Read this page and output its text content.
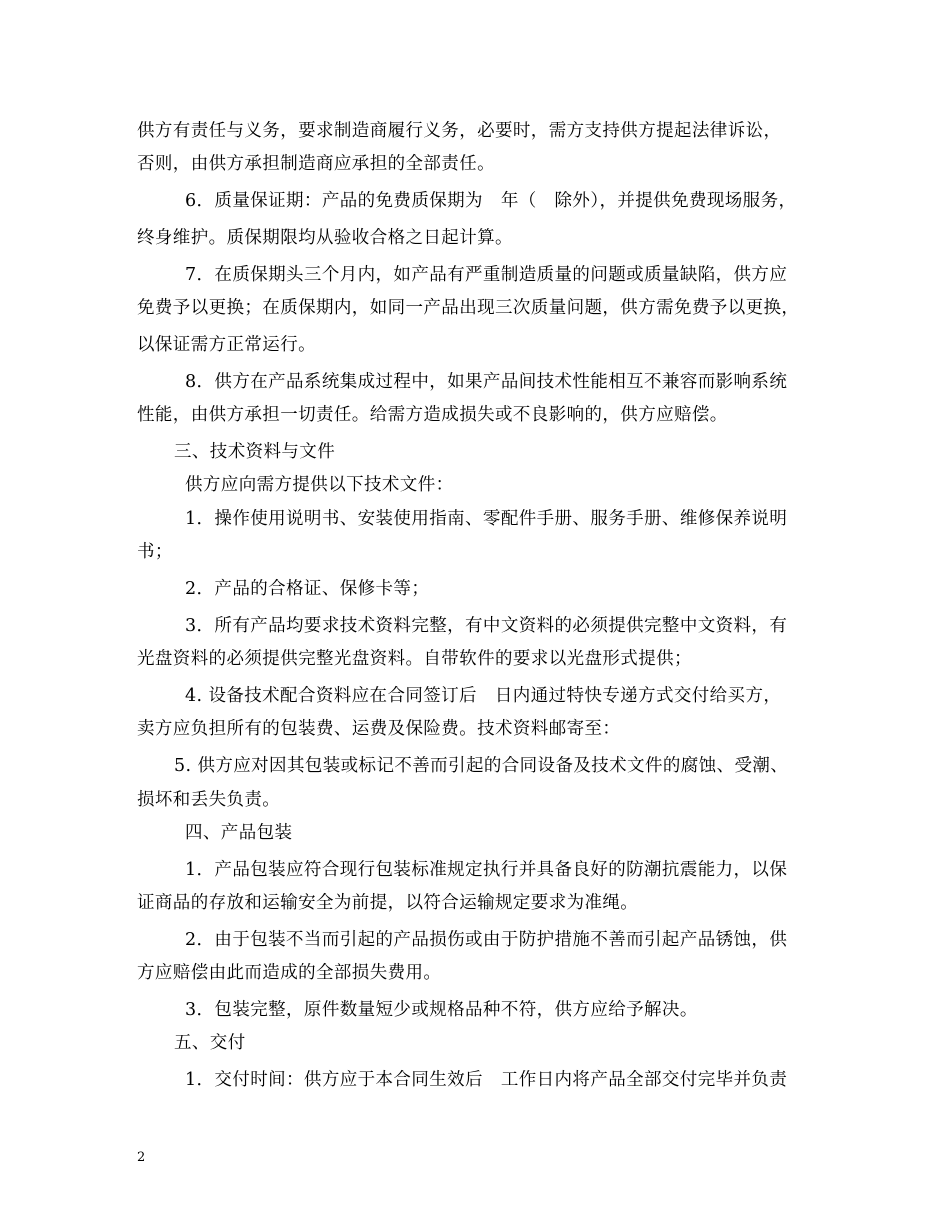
供方有责任与义务，要求制造商履行义务，必要时，需方支持供方提起法律诉讼，
否则，由供方承担制造商应承担的全部责任。
6．质量保证期：产品的免费质保期为　年（　除外），并提供免费现场服务，
终身维护。质保期限均从验收合格之日起计算。
7．在质保期头三个月内，如产品有严重制造质量的问题或质量缺陷，供方应
免费予以更换；在质保期内，如同一产品出现三次质量问题，供方需免费予以更换，
以保证需方正常运行。
8．供方在产品系统集成过程中，如果产品间技术性能相互不兼容而影响系统
性能，由供方承担一切责任。给需方造成损失或不良影响的，供方应赔偿。
三、技术资料与文件
供方应向需方提供以下技术文件：
1．操作使用说明书、安装使用指南、零配件手册、服务手册、维修保养说明
书；
2．产品的合格证、保修卡等；
3．所有产品均要求技术资料完整，有中文资料的必须提供完整中文资料，有
光盘资料的必须提供完整光盘资料。自带软件的要求以光盘形式提供；
4. 设备技术配合资料应在合同签订后　日内通过特快专递方式交付给买方，
卖方应负担所有的包装费、运费及保险费。技术资料邮寄至：
5. 供方应对因其包装或标记不善而引起的合同设备及技术文件的腐蚀、受潮、
损坏和丢失负责。
四、产品包装
1．产品包装应符合现行包装标准规定执行并具备良好的防潮抗震能力，以保
证商品的存放和运输安全为前提，以符合运输规定要求为准绳。
2．由于包装不当而引起的产品损伤或由于防护措施不善而引起产品锈蚀，供
方应赔偿由此而造成的全部损失费用。
3．包装完整，原件数量短少或规格品种不符，供方应给予解决。
五、交付
1．交付时间：供方应于本合同生效后　工作日内将产品全部交付完毕并负责
2
